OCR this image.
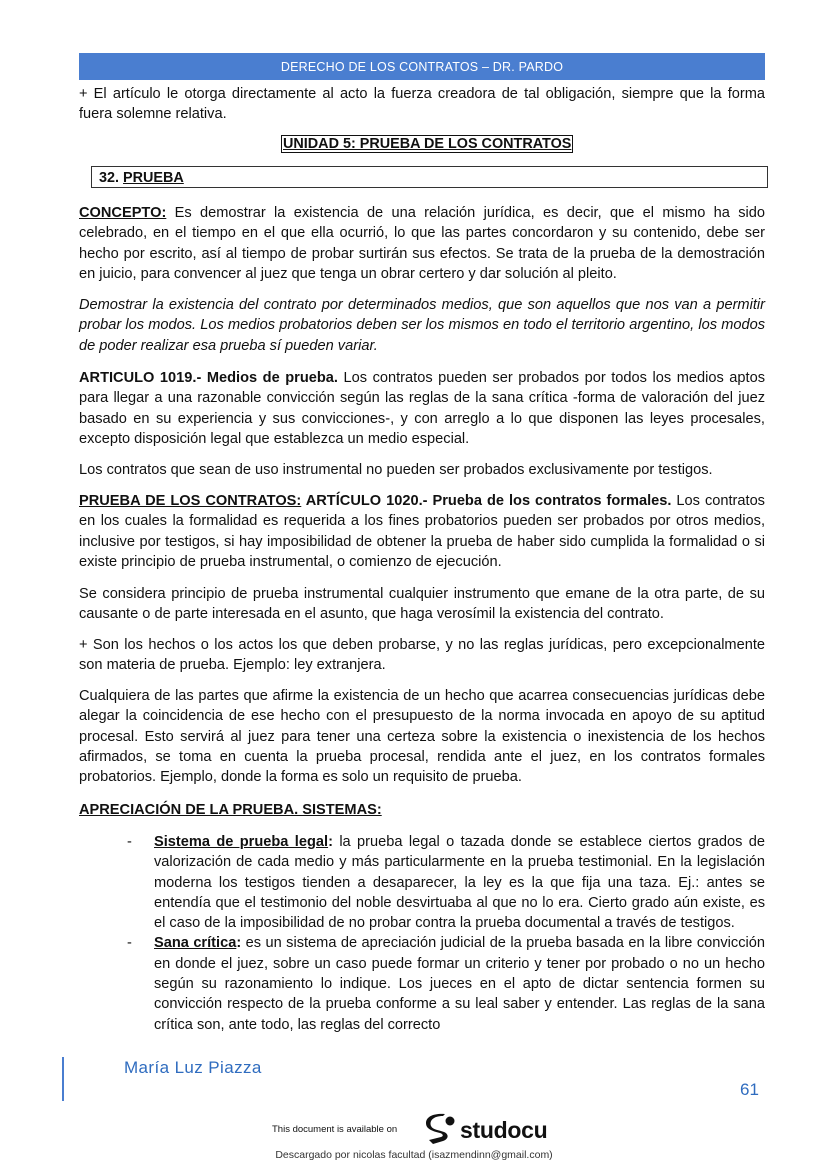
DERECHO DE LOS CONTRATOS – DR. PARDO

+ El artículo le otorga directamente al acto la fuerza creadora de tal obligación, siempre que la forma fuera solemne relativa.

UNIDAD 5: PRUEBA DE LOS CONTRATOS
32. PRUEBA

CONCEPTO: Es demostrar la existencia de una relación jurídica, es decir, que el mismo ha sido celebrado, en el tiempo en el que ella ocurrió, lo que las partes concordaron y su contenido, debe ser hecho por escrito, así al tiempo de probar surtirán sus efectos. Se trata de la prueba de la demostración en juicio, para convencer al juez que tenga un obrar certero y dar solución al pleito.

Demostrar la existencia del contrato por determinados medios, que son aquellos que nos van a permitir probar los modos. Los medios probatorios deben ser los mismos en todo el territorio argentino, los modos de poder realizar esa prueba sí pueden variar.

ARTICULO 1019.- Medios de prueba. Los contratos pueden ser probados por todos los medios aptos para llegar a una razonable convicción según las reglas de la sana crítica -forma de valoración del juez basado en su experiencia y sus convicciones-, y con arreglo a lo que disponen las leyes procesales, excepto disposición legal que establezca un medio especial.

Los contratos que sean de uso instrumental no pueden ser probados exclusivamente por testigos.

PRUEBA DE LOS CONTRATOS: ARTÍCULO 1020.- Prueba de los contratos formales. Los contratos en los cuales la formalidad es requerida a los fines probatorios pueden ser probados por otros medios, inclusive por testigos, si hay imposibilidad de obtener la prueba de haber sido cumplida la formalidad o si existe principio de prueba instrumental, o comienzo de ejecución.

Se considera principio de prueba instrumental cualquier instrumento que emane de la otra parte, de su causante o de parte interesada en el asunto, que haga verosímil la existencia del contrato.

+ Son los hechos o los actos los que deben probarse, y no las reglas jurídicas, pero excepcionalmente son materia de prueba. Ejemplo: ley extranjera.

Cualquiera de las partes que afirme la existencia de un hecho que acarrea consecuencias jurídicas debe alegar la coincidencia de ese hecho con el presupuesto de la norma invocada en apoyo de su aptitud procesal. Esto servirá al juez para tener una certeza sobre la existencia o inexistencia de los hechos afirmados, se toma en cuenta la prueba procesal, rendida ante el juez, en los contratos formales probatorios. Ejemplo, donde la forma es solo un requisito de prueba.

APRECIACIÓN DE LA PRUEBA. SISTEMAS:

- Sistema de prueba legal: la prueba legal o tazada donde se establece ciertos grados de valorización de cada medio y más particularmente en la prueba testimonial. En la legislación moderna los testigos tienden a desaparecer, la ley es la que fija una taza. Ej.: antes se entendía que el testimonio del noble desvirtuaba al que no lo era. Cierto grado aún existe, es el caso de la imposibilidad de no probar contra la prueba documental a través de testigos.
- Sana crítica: es un sistema de apreciación judicial de la prueba basada en la libre convicción en donde el juez, sobre un caso puede formar un criterio y tener por probado o no un hecho según su razonamiento lo indique. Los jueces en el apto de dictar sentencia formen su convicción respecto de la prueba conforme a su leal saber y entender. Las reglas de la sana crítica son, ante todo, las reglas del correcto
María Luz Piazza
61
This document is available on	studocu
Descargado por nicolas facultad (isazmendinn@gmail.com)
